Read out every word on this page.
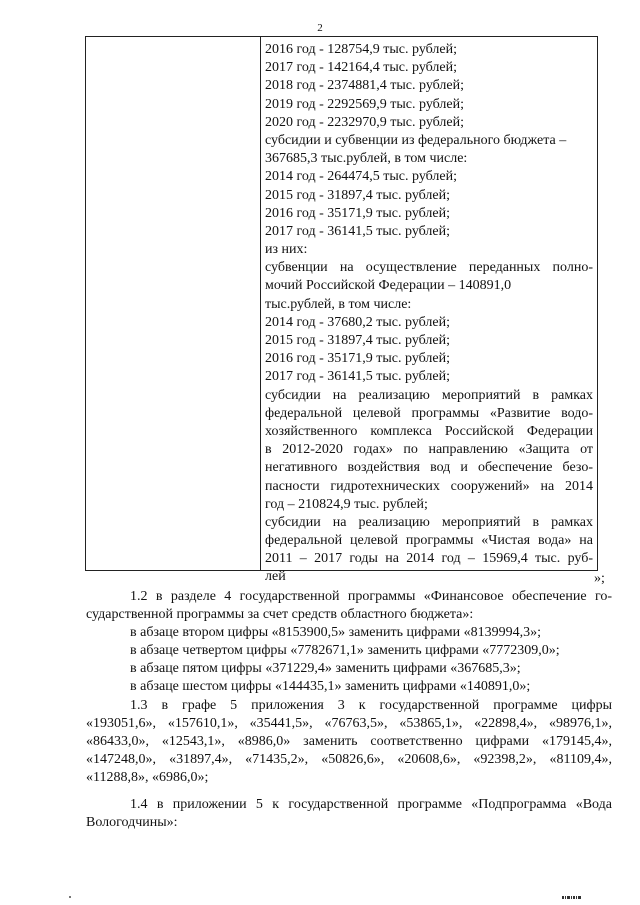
2
2016 год - 128754,9 тыс. рублей;
2017 год - 142164,4 тыс. рублей;
2018 год - 2374881,4 тыс. рублей;
2019 год - 2292569,9 тыс. рублей;
2020 год - 2232970,9 тыс. рублей;
субсидии и субвенции из федерального бюджета –
367685,3 тыс.рублей, в том числе:
2014 год - 264474,5 тыс. рублей;
2015 год - 31897,4 тыс. рублей;
2016 год - 35171,9 тыс. рублей;
2017 год - 36141,5 тыс. рублей;
из них:
субвенции на осуществление переданных полно-
мочий Российской Федерации – 140891,0
тыс.рублей, в том числе:
2014 год - 37680,2 тыс. рублей;
2015 год - 31897,4 тыс. рублей;
2016 год - 35171,9 тыс. рублей;
2017 год - 36141,5 тыс. рублей;
субсидии на реализацию мероприятий в рамках
федеральной целевой программы «Развитие водо-
хозяйственного комплекса Российской Федерации
в 2012-2020 годах» по направлению «Защита от
негативного воздействия вод и обеспечение безо-
пасности гидротехнических сооружений» на 2014
год – 210824,9 тыс. рублей;
субсидии на реализацию мероприятий в рамках
федеральной целевой программы «Чистая вода» на
2011 – 2017 годы на 2014 год – 15969,4 тыс. руб-
лей	»;
1.2 в разделе 4 государственной программы «Финансовое обеспечение го-
сударственной программы за счет средств областного бюджета»:
в абзаце втором цифры «8153900,5» заменить цифрами «8139994,3»;
в абзаце четвертом цифры «7782671,1» заменить цифрами «7772309,0»;
в абзаце пятом цифры «371229,4» заменить цифрами «367685,3»;
в абзаце шестом цифры «144435,1» заменить цифрами «140891,0»;
1.3 в графе 5 приложения 3 к государственной программе цифры
«193051,6», «157610,1», «35441,5», «76763,5», «53865,1», «22898,4», «98976,1»,
«86433,0», «12543,1», «8986,0» заменить соответственно цифрами «179145,4»,
«147248,0», «31897,4», «71435,2», «50826,6», «20608,6», «92398,2», «81109,4»,
«11288,8», «6986,0»;
1.4 в приложении 5 к государственной программе «Подпрограмма «Вода
Вологодчины»:
